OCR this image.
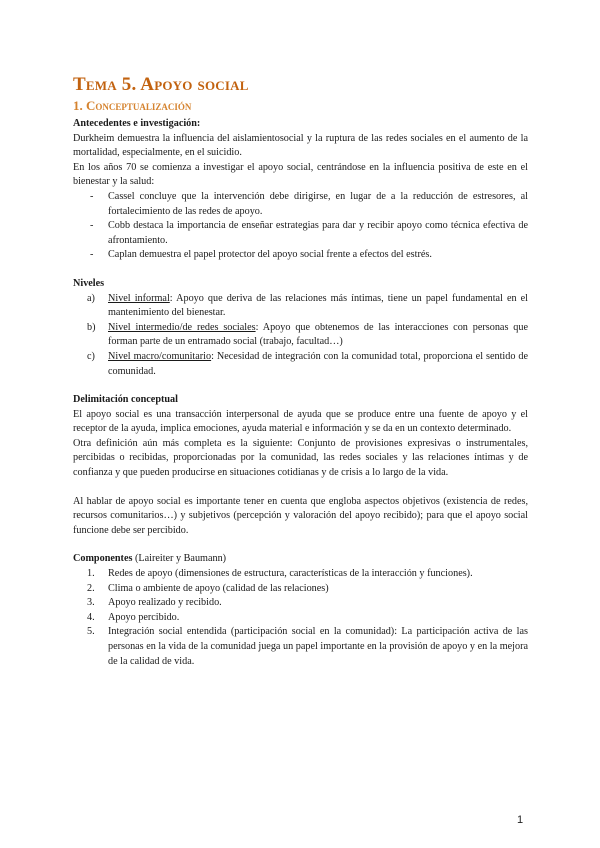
Tema 5. Apoyo social
1. Conceptualización

Antecedentes e investigación:

Durkheim demuestra la influencia del aislamientosocial y la ruptura de las redes sociales en el aumento de la mortalidad, especialmente, en el suicidio.

En los años 70 se comienza a investigar el apoyo social, centrándose en la influencia positiva de este en el bienestar y la salud:

- Cassel concluye que la intervención debe dirigirse, en lugar de a la reducción de estresores, al fortalecimiento de las redes de apoyo.
- Cobb destaca la importancia de enseñar estrategias para dar y recibir apoyo como técnica efectiva de afrontamiento.
- Caplan demuestra el papel protector del apoyo social frente a efectos del estrés.

Niveles

a) Nivel informal: Apoyo que deriva de las relaciones más íntimas, tiene un papel fundamental en el mantenimiento del bienestar.
b) Nivel intermedio/de redes sociales: Apoyo que obtenemos de las interacciones con personas que forman parte de un entramado social (trabajo, facultad…)
c) Nivel macro/comunitario: Necesidad de integración con la comunidad total, proporciona el sentido de comunidad.

Delimitación conceptual

El apoyo social es una transacción interpersonal de ayuda que se produce entre una fuente de apoyo y el receptor de la ayuda, implica emociones, ayuda material e información y se da en un contexto determinado.

Otra definición aún más completa es la siguiente: Conjunto de provisiones expresivas o instrumentales, percibidas o recibidas, proporcionadas por la comunidad, las redes sociales y las relaciones íntimas y de confianza y que pueden producirse en situaciones cotidianas y de crisis a lo largo de la vida.

Al hablar de apoyo social es importante tener en cuenta que engloba aspectos objetivos (existencia de redes, recursos comunitarios…) y subjetivos (percepción y valoración del apoyo recibido); para que el apoyo social funcione debe ser percibido.

Componentes (Laireiter y Baumann)

1. Redes de apoyo (dimensiones de estructura, características de la interacción y funciones).
2. Clima o ambiente de apoyo (calidad de las relaciones)
3. Apoyo realizado y recibido.
4. Apoyo percibido.
5. Integración social entendida (participación social en la comunidad): La participación activa de las personas en la vida de la comunidad juega un papel importante en la provisión de apoyo y en la mejora de la calidad de vida.
1
